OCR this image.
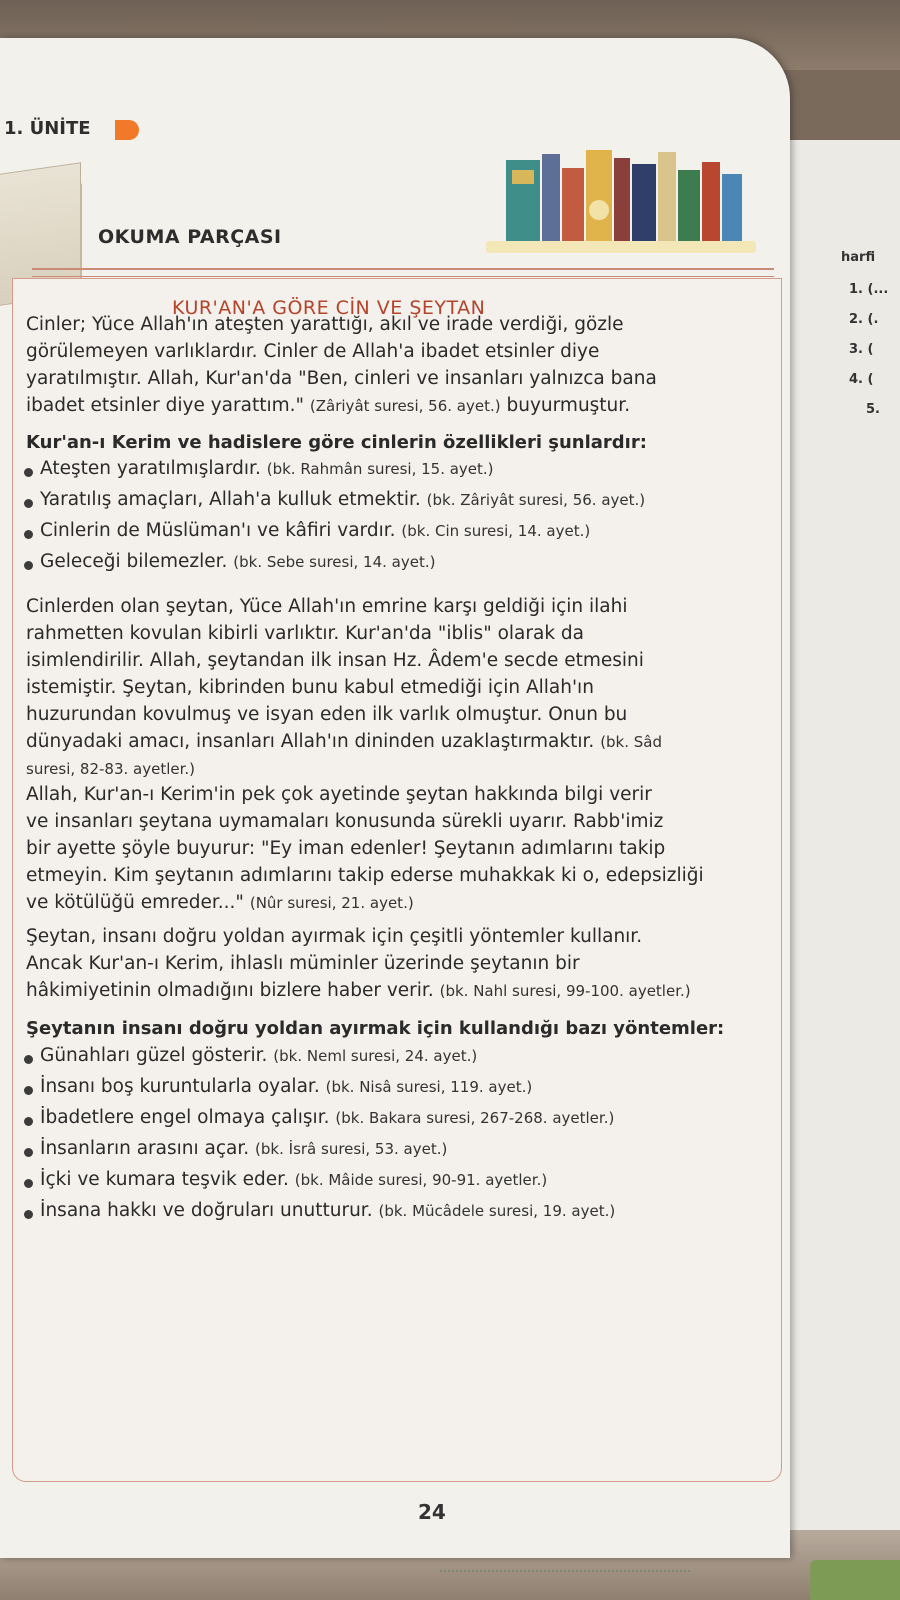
harfi
1. (...
2. (.
3. (
4. (
5.
1. ÜNİTE
OKUMA PARÇASI
KUR'AN'A GÖRE CİN VE ŞEYTAN
Cinler; Yüce Allah'ın ateşten yarattığı, akıl ve irade verdiği, gözle
görülemeyen varlıklardır. Cinler de Allah'a ibadet etsinler diye
yaratılmıştır. Allah, Kur'an'da "Ben, cinleri ve insanları yalnızca bana
ibadet etsinler diye yarattım." (Zâriyât suresi, 56. ayet.) buyurmuştur.
Kur'an-ı Kerim ve hadislere göre cinlerin özellikleri şunlardır:
Ateşten yaratılmışlardır. (bk. Rahmân suresi, 15. ayet.)
Yaratılış amaçları, Allah'a kulluk etmektir. (bk. Zâriyât suresi, 56. ayet.)
Cinlerin de Müslüman'ı ve kâfiri vardır. (bk. Cin suresi, 14. ayet.)
Geleceği bilemezler. (bk. Sebe suresi, 14. ayet.)
Cinlerden olan şeytan, Yüce Allah'ın emrine karşı geldiği için ilahi
rahmetten kovulan kibirli varlıktır. Kur'an'da "iblis" olarak da
isimlendirilir. Allah, şeytandan ilk insan Hz. Âdem'e secde etmesini
istemiştir. Şeytan, kibrinden bunu kabul etmediği için Allah'ın
huzurundan kovulmuş ve isyan eden ilk varlık olmuştur. Onun bu
dünyadaki amacı, insanları Allah'ın dininden uzaklaştırmaktır. (bk. Sâd
suresi, 82-83. ayetler.)
Allah, Kur'an-ı Kerim'in pek çok ayetinde şeytan hakkında bilgi verir
ve insanları şeytana uymamaları konusunda sürekli uyarır. Rabb'imiz
bir ayette şöyle buyurur: "Ey iman edenler! Şeytanın adımlarını takip
etmeyin. Kim şeytanın adımlarını takip ederse muhakkak ki o, edepsizliği
ve kötülüğü emreder..." (Nûr suresi, 21. ayet.)
Şeytan, insanı doğru yoldan ayırmak için çeşitli yöntemler kullanır.
Ancak Kur'an-ı Kerim, ihlaslı müminler üzerinde şeytanın bir
hâkimiyetinin olmadığını bizlere haber verir. (bk. Nahl suresi, 99-100. ayetler.)
Şeytanın insanı doğru yoldan ayırmak için kullandığı bazı yöntemler:
Günahları güzel gösterir. (bk. Neml suresi, 24. ayet.)
İnsanı boş kuruntularla oyalar. (bk. Nisâ suresi, 119. ayet.)
İbadetlere engel olmaya çalışır. (bk. Bakara suresi, 267-268. ayetler.)
İnsanların arasını açar. (bk. İsrâ suresi, 53. ayet.)
İçki ve kumara teşvik eder. (bk. Mâide suresi, 90-91. ayetler.)
İnsana hakkı ve doğruları unutturur. (bk. Mücâdele suresi, 19. ayet.)
24
